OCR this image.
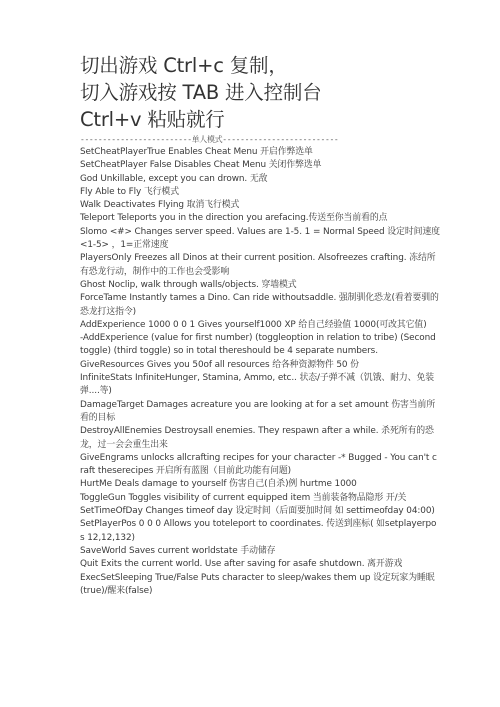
切出游戏 Ctrl+c 复制，
切入游戏按 TAB 进入控制台
Ctrl+v 粘贴就行
-------------------------单人模式--------------------------
SetCheatPlayerTrue Enables Cheat Menu 开启作弊选单
SetCheatPlayer False Disables Cheat Menu 关闭作弊选单
God Unkillable, except you can drown. 无敌
Fly Able to Fly 飞行模式
Walk Deactivates Flying 取消飞行模式
Teleport Teleports you in the direction you arefacing.传送至你当前看的点
Slomo <#> Changes server speed. Values are 1-5. 1 = Normal Speed 设定时间速度 <1-5> ，1=正常速度
PlayersOnly Freezes all Dinos at their current position. Alsofreezes crafting. 冻结所有恐龙行动，制作中的工作也会受影响
Ghost Noclip, walk through walls/objects. 穿墙模式
ForceTame Instantly tames a Dino. Can ride withoutsaddle. 强制驯化恐龙(看着要驯的恐龙打这指令)
AddExperience 1000 0 0 1 Gives yourself1000 XP 给自己经验值 1000(可改其它值)
-AddExperience (value for first number) (toggleoption in relation to tribe) (Second toggle) (third toggle) so in total thereshould be 4 separate numbers.
GiveResources Gives you 50of all resources 给各种资源物件 50 份
InfiniteStats InfiniteHunger, Stamina, Ammo, etc.. 状态/子弹不减（饥饿、耐力、免装弹....等)
DamageTarget Damages acreature you are looking at for a set amount 伤害当前所看的目标
DestroyAllEnemies Destroysall enemies. They respawn after a while. 杀死所有的恐龙，过一会会重生出来
GiveEngrams unlocks allcrafting recipes for your character -* Bugged - You can't craft theserecipes 开启所有蓝图（目前此功能有问题)
HurtMe Deals damage to yourself 伤害自己(自杀)例 hurtme 1000
ToggleGun Toggles visibility of current equipped item 当前装备物品隐形 开/关
SetTimeOfDay Changes timeof day 设定时间（后面要加时间 如 settimeofday 04:00)
SetPlayerPos 0 0 0 Allows you toteleport to coordinates. 传送到座标( 如setplayerpos 12,12,132)
SaveWorld Saves current worldstate 手动储存
Quit Exits the current world. Use after saving for asafe shutdown. 离开游戏
ExecSetSleeping True/False Puts character to sleep/wakes them up 设定玩家为睡眠(true)/醒来(false)
